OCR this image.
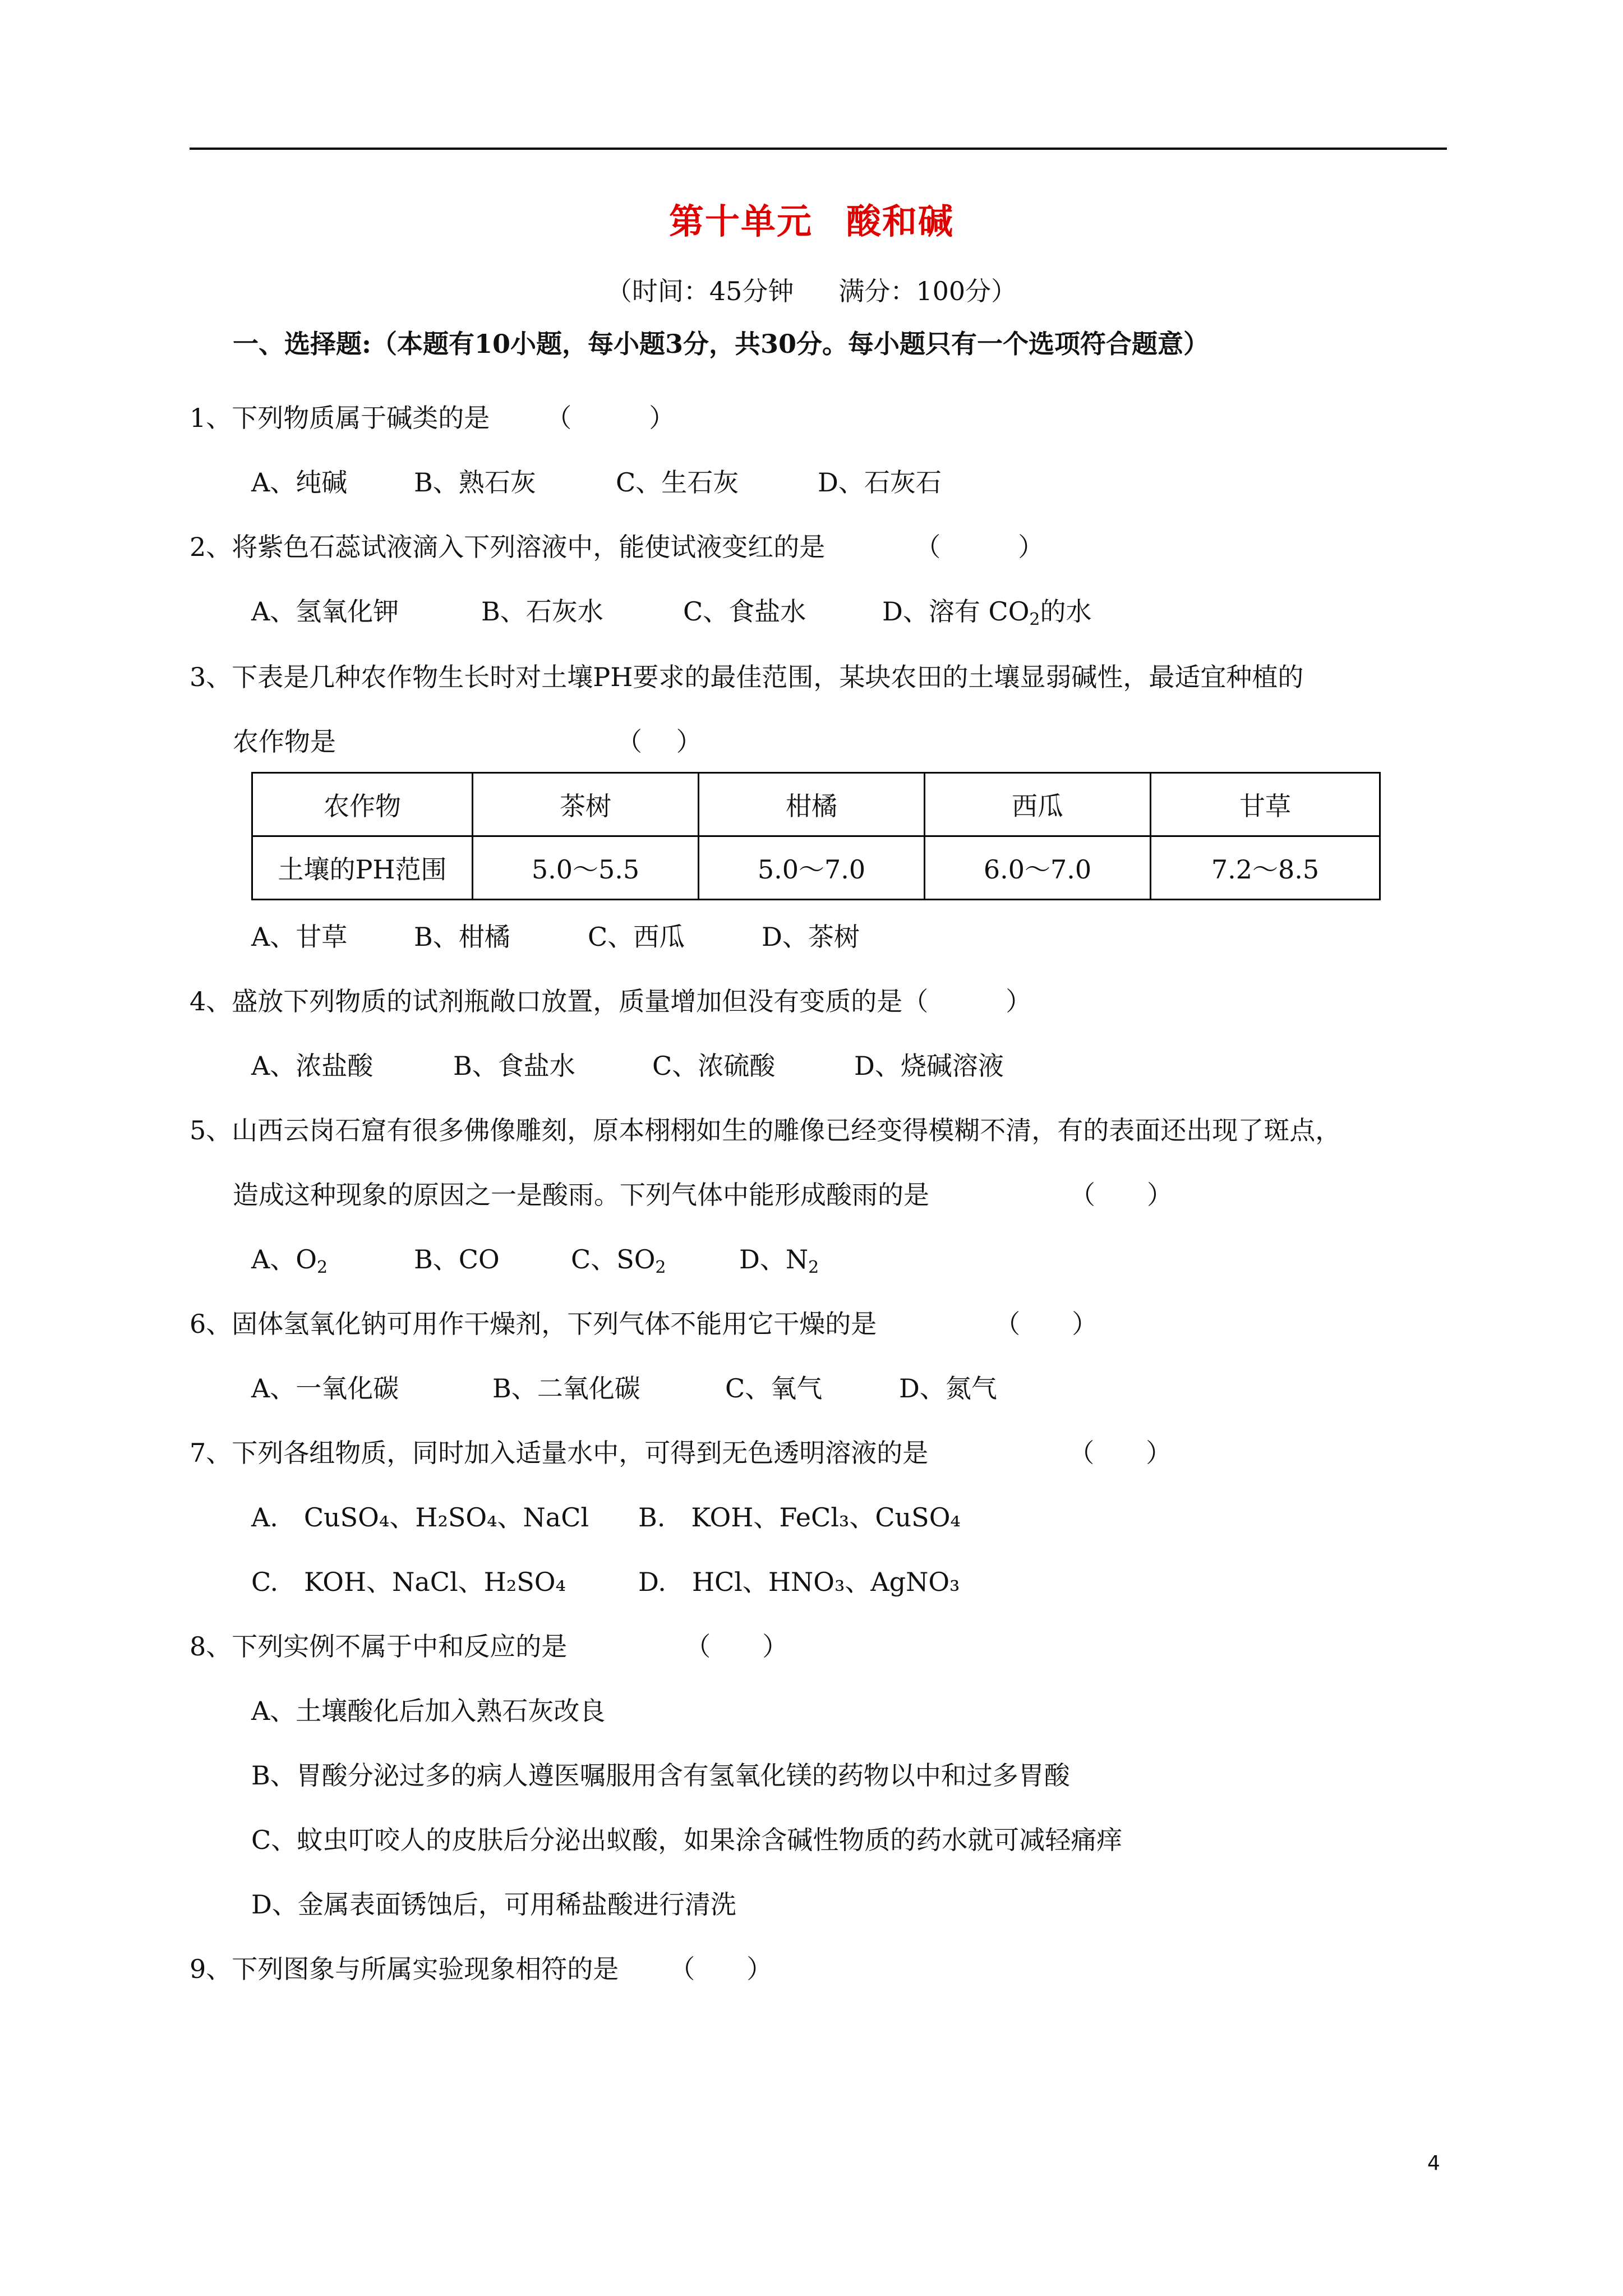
第十单元 酸和碱
（时间：45分钟 满分：100分）
一、选择题:（本题有10小题，每小题3分，共30分。每小题只有一个选项符合题意）
1、下列物质属于碱类的是 （　　　）
A、纯碱	B、熟石灰	C、生石灰	D、石灰石
2、将紫色石蕊试液滴入下列溶液中，能使试液变红的是	（　　　）
A、氢氧化钾	B、石灰水	C、食盐水	D、溶有 $CO_2$的水
3、下表是几种农作物生长时对土壤PH要求的最佳范围，某块农田的土壤显弱碱性，最适宜种植的
农作物是	（　 ）
农作物	茶树	柑橘	西瓜	甘草
土壤的PH范围	5.0～5.5	5.0～7.0	6.0～7.0	7.2～8.5
A、甘草	B、柑橘	C、西瓜	D、茶树
4、盛放下列物质的试剂瓶敞口放置，质量增加但没有变质的是（　　　）
A、浓盐酸	B、食盐水	C、浓硫酸	D、烧碱溶液
5、山西云岗石窟有很多佛像雕刻，原本栩栩如生的雕像已经变得模糊不清，有的表面还出现了斑点，
造成这种现象的原因之一是酸雨。下列气体中能形成酸雨的是	（　　）
A、$O_2$	B、CO	C、$SO_2$	D、$N_2$
6、固体氢氧化钠可用作干燥剂，下列气体不能用它干燥的是	（　　）
A、一氧化碳	B、二氧化碳	C、氧气	D、氮气
7、下列各组物质，同时加入适量水中，可得到无色透明溶液的是	（　　）
A.　CuSO₄、H₂SO₄、NaCl B.　KOH、FeCl₃、CuSO₄
C.　KOH、NaCl、H₂SO₄	D.　HCl、HNO₃、AgNO₃
8、下列实例不属于中和反应的是	（　　）
A、土壤酸化后加入熟石灰改良
B、胃酸分泌过多的病人遵医嘱服用含有氢氧化镁的药物以中和过多胃酸
C、蚊虫叮咬人的皮肤后分泌出蚁酸，如果涂含碱性物质的药水就可减轻痛痒
D、金属表面锈蚀后，可用稀盐酸进行清洗
9、下列图象与所属实验现象相符的是 （　　）
4
